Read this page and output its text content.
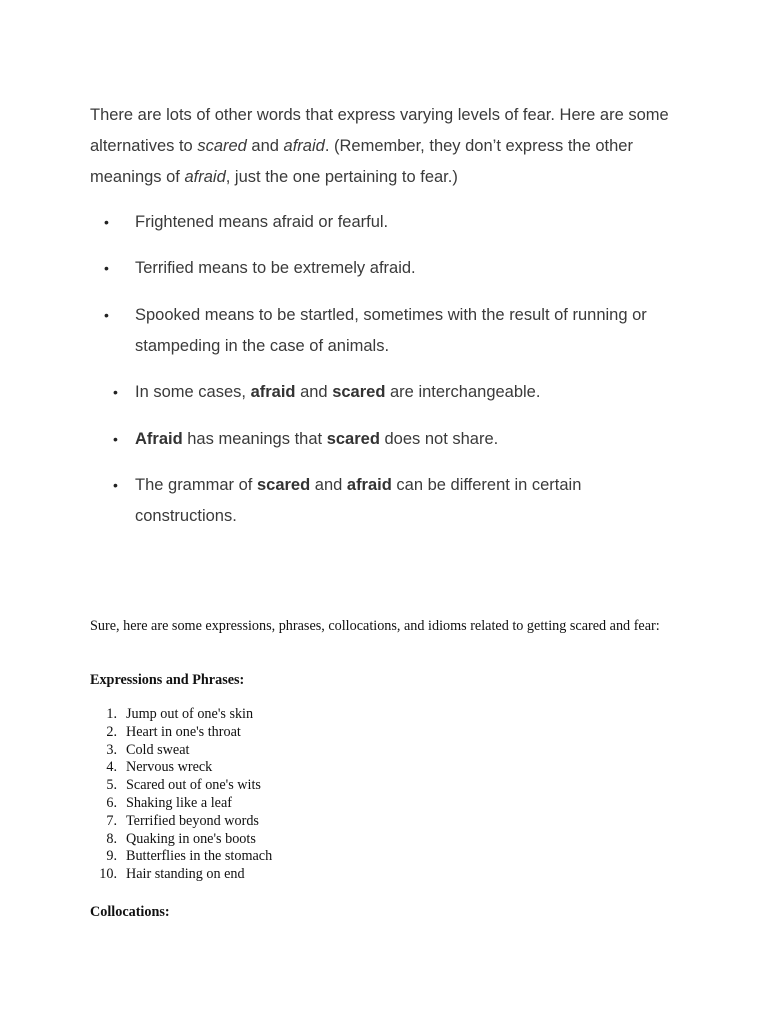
There are lots of other words that express varying levels of fear. Here are some alternatives to scared and afraid. (Remember, they don’t express the other meanings of afraid, just the one pertaining to fear.)

• Frightened means afraid or fearful.
• Terrified means to be extremely afraid.
• Spooked means to be startled, sometimes with the result of running or stampeding in the case of animals.
• In some cases, afraid and scared are interchangeable.
• Afraid has meanings that scared does not share.
• The grammar of scared and afraid can be different in certain constructions.

Sure, here are some expressions, phrases, collocations, and idioms related to getting scared and fear:

Expressions and Phrases:

1. Jump out of one's skin
2. Heart in one's throat
3. Cold sweat
4. Nervous wreck
5. Scared out of one's wits
6. Shaking like a leaf
7. Terrified beyond words
8. Quaking in one's boots
9. Butterflies in the stomach
10. Hair standing on end

Collocations:
